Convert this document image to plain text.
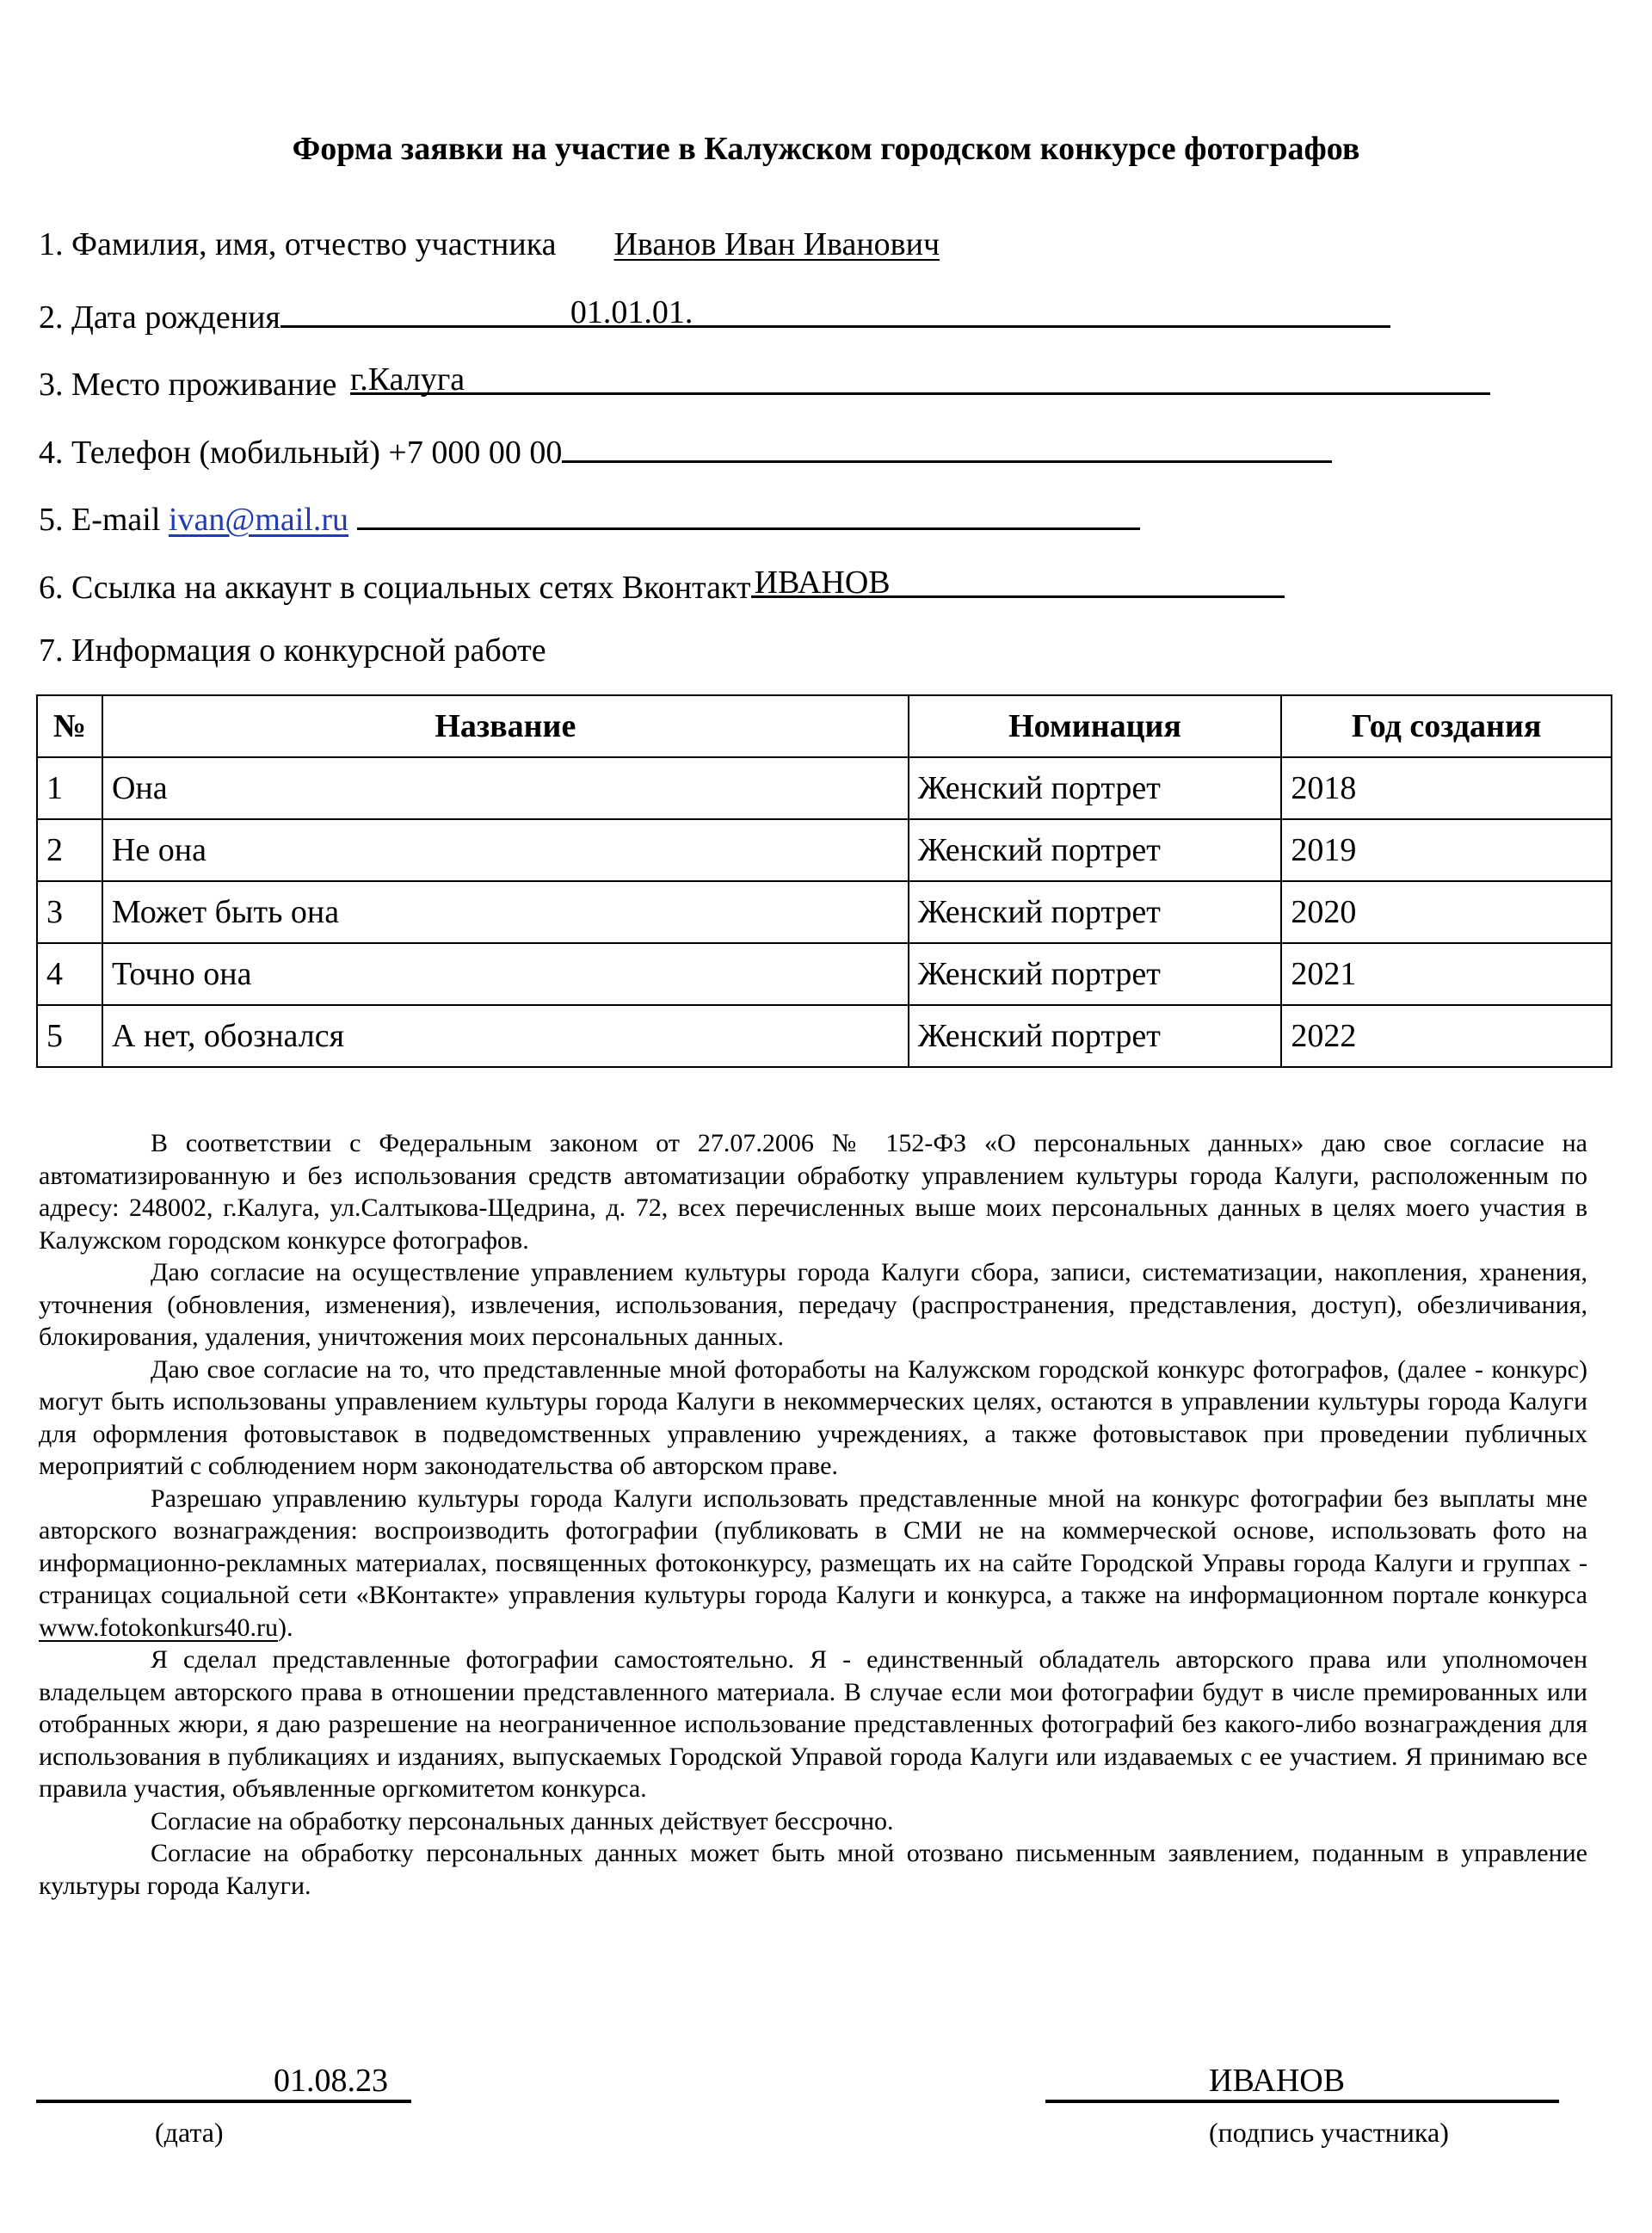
Форма заявки на участие в Калужском городском конкурсе фотографов
1. Фамилия, имя, отчество участника Иванов Иван Иванович
2. Дата рождения	01.01.01.
3. Место проживание г.Калуга
4. Телефон (мобильный) +7 000 00 00
5. E-mail ivan@mail.ru
6. Ссылка на аккаунт в социальных сетях Вконтакт ИВАНОВ
7. Информация о конкурсной работе
№	Название	Номинация	Год создания
1	Она	Женский портрет	2018
2	Не она	Женский портрет	2019
3	Может быть она	Женский портрет	2020
4	Точно она	Женский портрет	2021
5	А нет, обознался	Женский портрет	2022

В соответствии с Федеральным законом от 27.07.2006 № 152-ФЗ «О персональных данных» даю свое согласие на автоматизированную и без использования средств автоматизации обработку управлением культуры города Калуги, расположенным по адресу: 248002, г.Калуга, ул.Салтыкова-Щедрина, д. 72, всех перечисленных выше моих персональных данных в целях моего участия в Калужском городском конкурсе фотографов.

Даю согласие на осуществление управлением культуры города Калуги сбора, записи, систематизации, накопления, хранения, уточнения (обновления, изменения), извлечения, использования, передачу (распространения, представления, доступ), обезличивания, блокирования, удаления, уничтожения моих персональных данных.

Даю свое согласие на то, что представленные мной фоторaботы на Калужском городской конкурс фотографов, (далее - конкурс) могут быть использованы управлением культуры города Калуги в некоммерческих целях, остаются в управлении культуры города Калуги для оформления фотовыставок в подведомственных управлению учреждениях, а также фотовыставок при проведении публичных мероприятий с соблюдением норм законодательства об авторском праве.

Разрешаю управлению культуры города Калуги использовать представленные мной на конкурс фотографии без выплаты мне авторского вознаграждения: воспроизводить фотографии (публиковать в СМИ не на коммерческой основе, использовать фото на информационно-рекламных материалах, посвященных фотоконкурсу, размещать их на сайте Городской Управы города Калуги и группах - страницах социальной сети «ВКонтакте» управления культуры города Калуги и конкурса, а также на информационном портале конкурса www.fotokonkurs40.ru).

Я сделал представленные фотографии самостоятельно. Я - единственный обладатель авторского права или уполномочен владельцем авторского права в отношении представленного материала. В случае если мои фотографии будут в числе премированных или отобранных жюри, я даю разрешение на неограниченное использование представленных фотографий без какого-либо вознаграждения для использования в публикациях и изданиях, выпускаемых Городской Управой города Калуги или издаваемых с ее участием. Я принимаю все правила участия, объявленные оргкомитетом конкурса.

Согласие на обработку персональных данных действует бессрочно.

Согласие на обработку персональных данных может быть мной отозвано письменным заявлением, поданным в управление культуры города Калуги.

01.08.23
(дата)
ИВАНОВ
(подпись участника)
